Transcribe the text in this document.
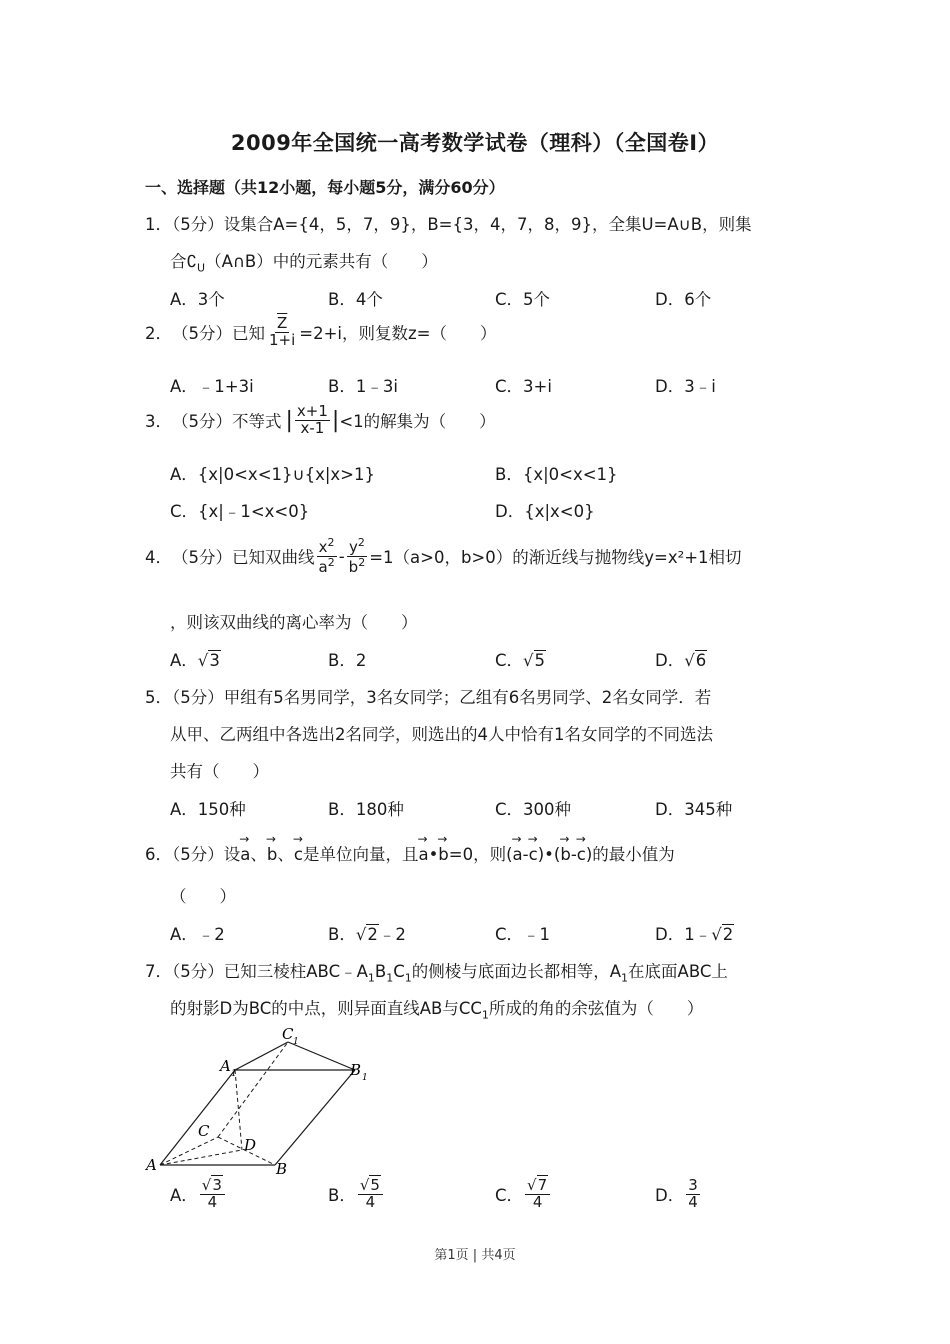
2009年全国统一高考数学试卷（理科）（全国卷Ⅰ）
一、选择题（共12小题，每小题5分，满分60分）
1．（5分）设集合A={4，5，7，9}，B={3，4，7，8，9}，全集U=A∪B，则集
合$∁_U(A\cap B)$中的元素共有（　　）
A．3个	B．4个	C．5个	D．6个
2． （5分） 已知 $\frac{\overline{Z}}{1+i} =2+i$，则复数z=（　　）
A．﹣1+3i	B．1﹣3i	C．3+i	D．3﹣i
3． （5分） 不等式 | $\frac{x+1}{x-1}$ | <1的解集为（　　）
A．{x|0<x<1}∪{x|x>1}	B．{x|0<x<1}
C．{x|﹣1<x<0}	D．{x|x<0}
4． （5分） 已知双曲线 $\frac{x^2}{a^2} - \frac{y^2}{b^2} =1(a>0$，b>0）的渐近线与抛物线y=x²+1相切
，则该双曲线的离心率为（　　）
A．√3	B．2	C．√5	D．√6
5．（5分）甲组有5名男同学，3名女同学；乙组有6名男同学、2名女同学．若
从甲、乙两组中各选出2名同学，则选出的4人中恰有1名女同学的不同选法
共有（　　）
A．150种	B．180种	C．300种	D．345种
6．（5分）设→ a、→ b、→ c是单位向量，且→ a•→ b=0，则(→ a-→ c)•(→ b-→ c)的最小值为
（　　）
A．﹣2	B．√2﹣2	C．﹣1	D．1﹣√2
7．（5分）已知三棱柱$ABC﹣A_1B_1C_1$的侧棱与底面边长都相等，$A_1$在底面ABC上
的射影D为BC的中点，则异面直线AB与$CC_1$所成的角的余弦值为（　　）
A	B
C
D
A 1	B 1
C 1
A． $\frac{√3}{4}$	B． $\frac{√5}{4}$	C． $\frac{√7}{4}$	D． $\frac{3}{4}$
第1页 | 共4页
